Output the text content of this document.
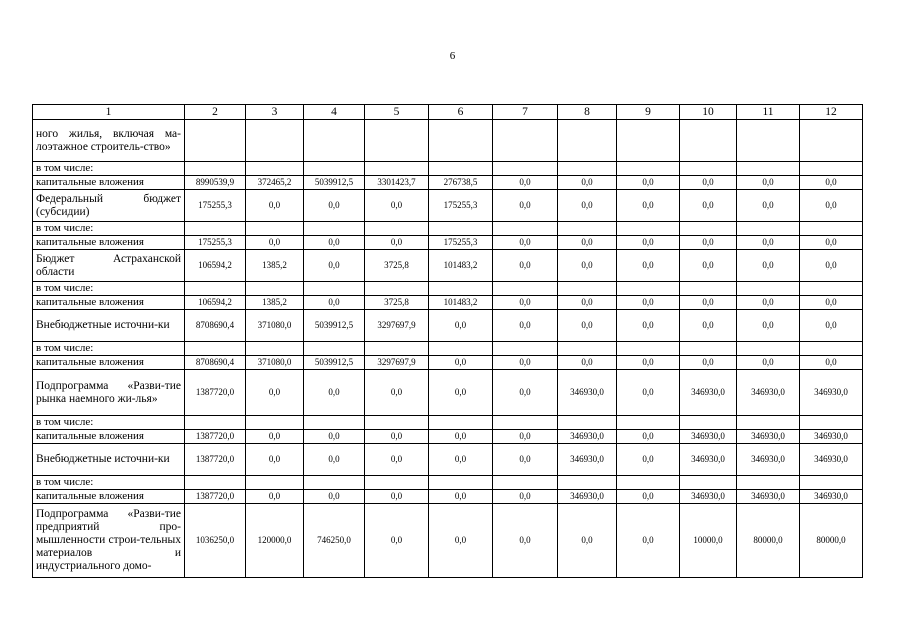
6
1	2	3	4	5	6	7	8	9	10	11	12
ного жилья, включая ма-лоэтажное строитель-ство»											
в том числе:											
капитальные вложения	8990539,9	372465,2	5039912,5	3301423,7	276738,5	0,0	0,0	0,0	0,0	0,0	0,0
Федеральный бюджет (субсидии)	175255,3	0,0	0,0	0,0	175255,3	0,0	0,0	0,0	0,0	0,0	0,0
в том числе:											
капитальные вложения	175255,3	0,0	0,0	0,0	175255,3	0,0	0,0	0,0	0,0	0,0	0,0
Бюджет Астраханской области	106594,2	1385,2	0,0	3725,8	101483,2	0,0	0,0	0,0	0,0	0,0	0,0
в том числе:											
капитальные вложения	106594,2	1385,2	0,0	3725,8	101483,2	0,0	0,0	0,0	0,0	0,0	0,0
Внебюджетные источни-ки	8708690,4	371080,0	5039912,5	3297697,9	0,0	0,0	0,0	0,0	0,0	0,0	0,0
в том числе:											
капитальные вложения	8708690,4	371080,0	5039912,5	3297697,9	0,0	0,0	0,0	0,0	0,0	0,0	0,0
Подпрограмма «Разви-тие рынка наемного жи-лья»	1387720,0	0,0	0,0	0,0	0,0	0,0	346930,0	0,0	346930,0	346930,0	346930,0
в том числе:											
капитальные вложения	1387720,0	0,0	0,0	0,0	0,0	0,0	346930,0	0,0	346930,0	346930,0	346930,0
Внебюджетные источни-ки	1387720,0	0,0	0,0	0,0	0,0	0,0	346930,0	0,0	346930,0	346930,0	346930,0
в том числе:											
капитальные вложения	1387720,0	0,0	0,0	0,0	0,0	0,0	346930,0	0,0	346930,0	346930,0	346930,0
Подпрограмма «Разви-тие предприятий про-мышленности строи-тельных материалов и индустриального домо-	1036250,0	120000,0	746250,0	0,0	0,0	0,0	0,0	0,0	10000,0	80000,0	80000,0
